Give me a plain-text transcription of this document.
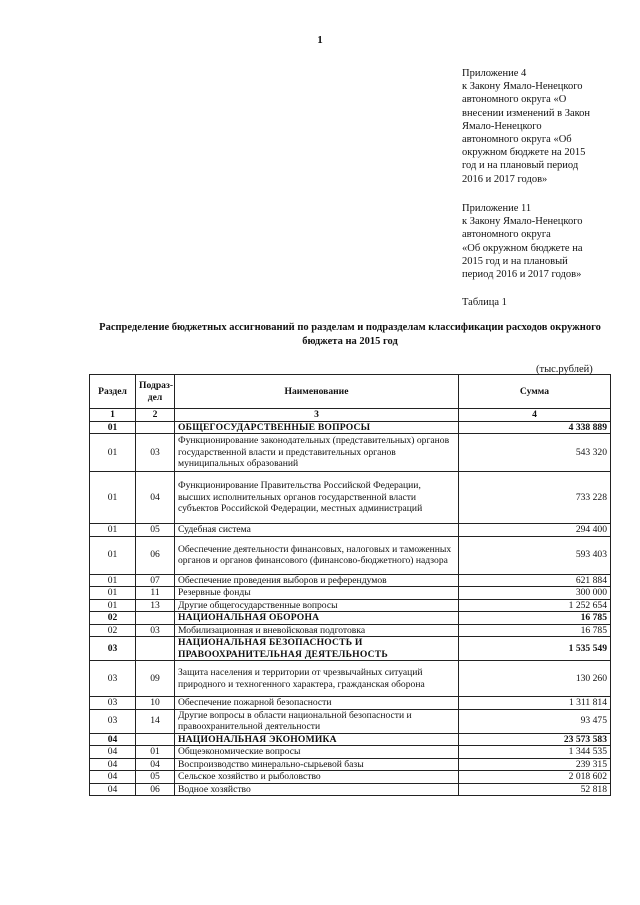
1
Приложение 4
к Закону Ямало-Ненецкого
автономного округа «О
внесении изменений в Закон
Ямало-Ненецкого
автономного округа «Об
окружном бюджете на 2015
год и на плановый период
2016 и 2017 годов»
Приложение 11
к Закону Ямало-Ненецкого
автономного округа
«Об окружном бюджете на
2015 год и на плановый
период 2016 и 2017 годов»
Таблица 1
Распределение бюджетных ассигнований по разделам и подразделам классификации расходов окружного
бюджета на 2015 год
(тыс.рублей)
Раздел	Подраз-дел	Наименование	Сумма
1	2	3	4
01		ОБЩЕГОСУДАРСТВЕННЫЕ ВОПРОСЫ	4 338 889
01	03	Функционирование законодательных (представительных) органов государственной власти и представительных органов муниципальных образований	543 320
01	04	Функционирование Правительства Российской Федерации, высших исполнительных органов государственной власти субъектов Российской Федерации, местных администраций	733 228
01	05	Судебная система	294 400
01	06	Обеспечение деятельности финансовых, налоговых и таможенных органов и органов финансового (финансово-бюджетного) надзора	593 403
01	07	Обеспечение проведения выборов и референдумов	621 884
01	11	Резервные фонды	300 000
01	13	Другие общегосударственные вопросы	1 252 654
02		НАЦИОНАЛЬНАЯ ОБОРОНА	16 785
02	03	Мобилизационная и вневойсковая подготовка	16 785
03		НАЦИОНАЛЬНАЯ БЕЗОПАСНОСТЬ И ПРАВООХРАНИТЕЛЬНАЯ ДЕЯТЕЛЬНОСТЬ	1 535 549
03	09	Защита населения и территории от чрезвычайных ситуаций природного и техногенного характера, гражданская оборона	130 260
03	10	Обеспечение пожарной безопасности	1 311 814
03	14	Другие вопросы в области национальной безопасности и правоохранительной деятельности	93 475
04		НАЦИОНАЛЬНАЯ ЭКОНОМИКА	23 573 583
04	01	Общеэкономические вопросы	1 344 535
04	04	Воспроизводство минерально-сырьевой базы	239 315
04	05	Сельское хозяйство и рыболовство	2 018 602
04	06	Водное хозяйство	52 818
